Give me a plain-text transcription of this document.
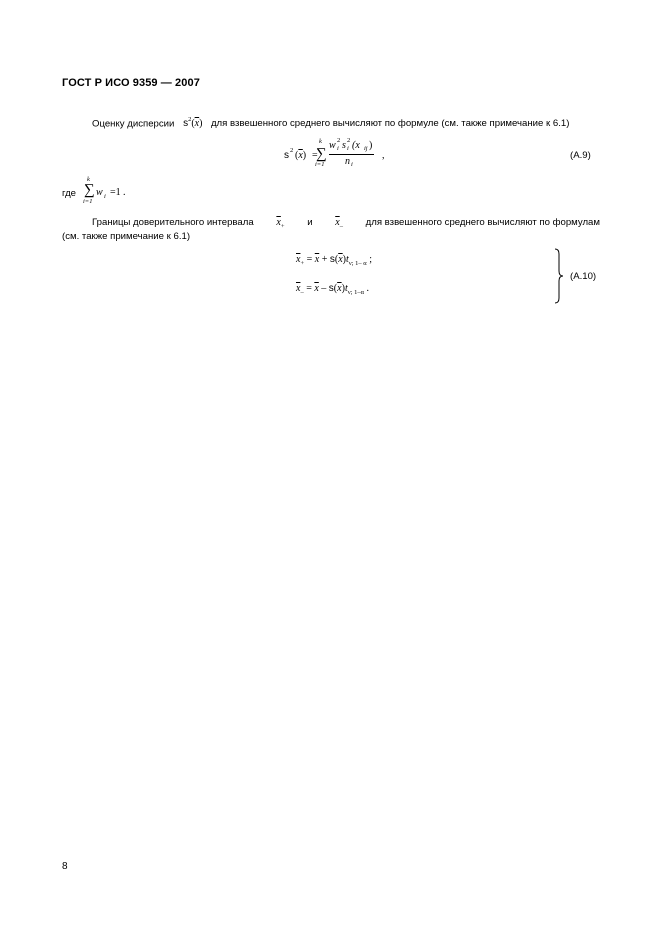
ГОСТ Р ИСО 9359 — 2007
Оценку дисперсии $s^2(\overline{x})$ для взвешенного среднего вычисляют по формуле (см. также примечание к 6.1)
s 2 $(\overline{x})$ =
k
∑
i=1
w 2
i s 2
i (x ij )
n i
,	(A.9)
где
k
∑
i=1
w i =1 .
Границы доверительного интервала $\overline{x}_+$ и $\overline{x}_-$ для взвешенного среднего вычисляют по формулам
(см. также примечание к 6.1)
$\overline{x}_+ = \overline{x} + s(\overline{x})t_{\nu; 1- \alpha}$ ;
$\overline{x}_- = \overline{x} - s(\overline{x})t_{\nu; 1-\alpha}$ .
(A.10)
8
